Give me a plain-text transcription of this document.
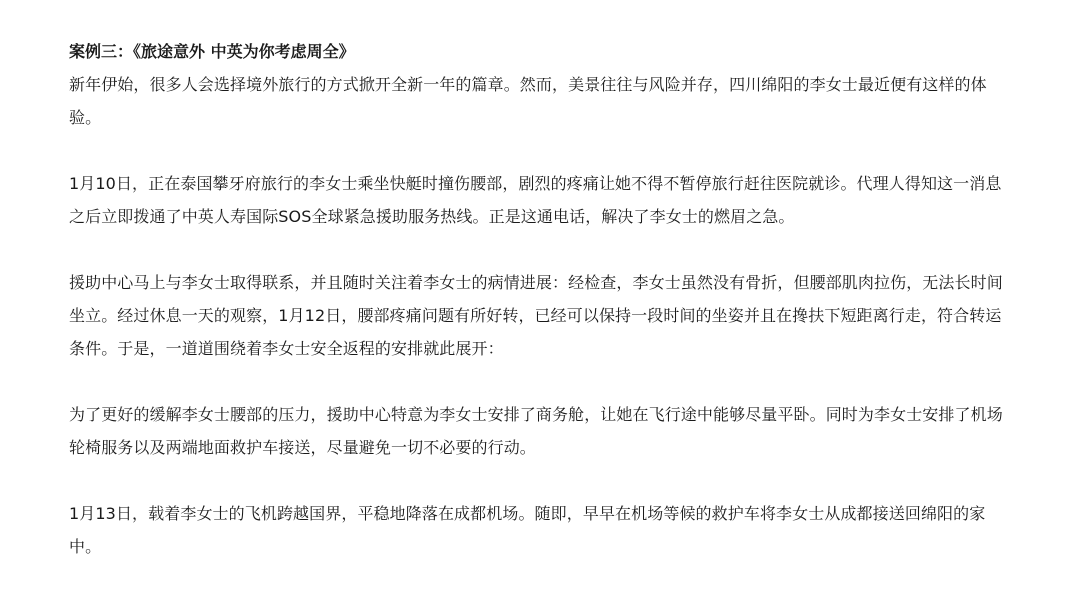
案例三：《旅途意外 中英为你考虑周全》
新年伊始，很多人会选择境外旅行的方式掀开全新一年的篇章。然而，美景往往与风险并存，四川绵阳的李女士最近便有这样的体
验。
1月10日，正在泰国攀牙府旅行的李女士乘坐快艇时撞伤腰部，剧烈的疼痛让她不得不暂停旅行赶往医院就诊。代理人得知这一消息
之后立即拨通了中英人寿国际SOS全球紧急援助服务热线。正是这通电话，解决了李女士的燃眉之急。
援助中心马上与李女士取得联系，并且随时关注着李女士的病情进展：经检查，李女士虽然没有骨折，但腰部肌肉拉伤，无法长时间
坐立。经过休息一天的观察，1月12日，腰部疼痛问题有所好转，已经可以保持一段时间的坐姿并且在搀扶下短距离行走，符合转运
条件。于是，一道道围绕着李女士安全返程的安排就此展开：
为了更好的缓解李女士腰部的压力，援助中心特意为李女士安排了商务舱，让她在飞行途中能够尽量平卧。同时为李女士安排了机场
轮椅服务以及两端地面救护车接送，尽量避免一切不必要的行动。
1月13日，载着李女士的飞机跨越国界，平稳地降落在成都机场。随即，早早在机场等候的救护车将李女士从成都接送回绵阳的家
中。
